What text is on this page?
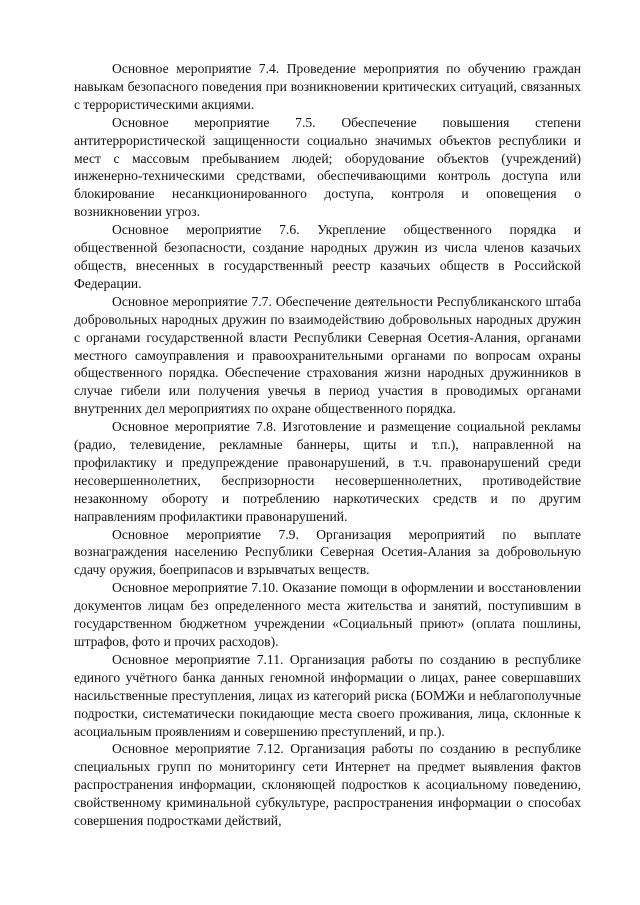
Основное мероприятие 7.4. Проведение мероприятия по обучению граждан навыкам безопасного поведения при возникновении критических ситуаций, связанных с террористическими акциями.

Основное мероприятие 7.5. Обеспечение повышения степени антитеррористической защищенности социально значимых объектов республики и мест с массовым пребыванием людей; оборудование объектов (учреждений) инженерно-техническими средствами, обеспечивающими контроль доступа или блокирование несанкционированного доступа, контроля и оповещения о возникновении угроз.

Основное мероприятие 7.6. Укрепление общественного порядка и общественной безопасности, создание народных дружин из числа членов казачьих обществ, внесенных в государственный реестр казачьих обществ в Российской Федерации.

Основное мероприятие 7.7. Обеспечение деятельности Республиканского штаба добровольных народных дружин по взаимодействию добровольных народных дружин с органами государственной власти Республики Северная Осетия-Алания, органами местного самоуправления и правоохранительными органами по вопросам охраны общественного порядка. Обеспечение страхования жизни народных дружинников в случае гибели или получения увечья в период участия в проводимых органами внутренних дел мероприятиях по охране общественного порядка.

Основное мероприятие 7.8. Изготовление и размещение социальной рекламы (радио, телевидение, рекламные баннеры, щиты и т.п.), направленной на профилактику и предупреждение правонарушений, в т.ч. правонарушений среди несовершеннолетних, беспризорности несовершеннолетних, противодействие незаконному обороту и потреблению наркотических средств и по другим направлениям профилактики правонарушений.

Основное мероприятие 7.9. Организация мероприятий по выплате вознаграждения населению Республики Северная Осетия-Алания за добровольную сдачу оружия, боеприпасов и взрывчатых веществ.

Основное мероприятие 7.10. Оказание помощи в оформлении и восстановлении документов лицам без определенного места жительства и занятий, поступившим в государственном бюджетном учреждении «Социальный приют» (оплата пошлины, штрафов, фото и прочих расходов).

Основное мероприятие 7.11. Организация работы по созданию в республике единого учётного банка данных геномной информации о лицах, ранее совершавших насильственные преступления, лицах из категорий риска (БОМЖи и неблагополучные подростки, систематически покидающие места своего проживания, лица, склонные к асоциальным проявлениям и совершению преступлений, и пр.).

Основное мероприятие 7.12. Организация работы по созданию в республике специальных групп по мониторингу сети Интернет на предмет выявления фактов распространения информации, склоняющей подростков к асоциальному поведению, свойственному криминальной субкультуре, распространения информации о способах совершения подростками действий,
